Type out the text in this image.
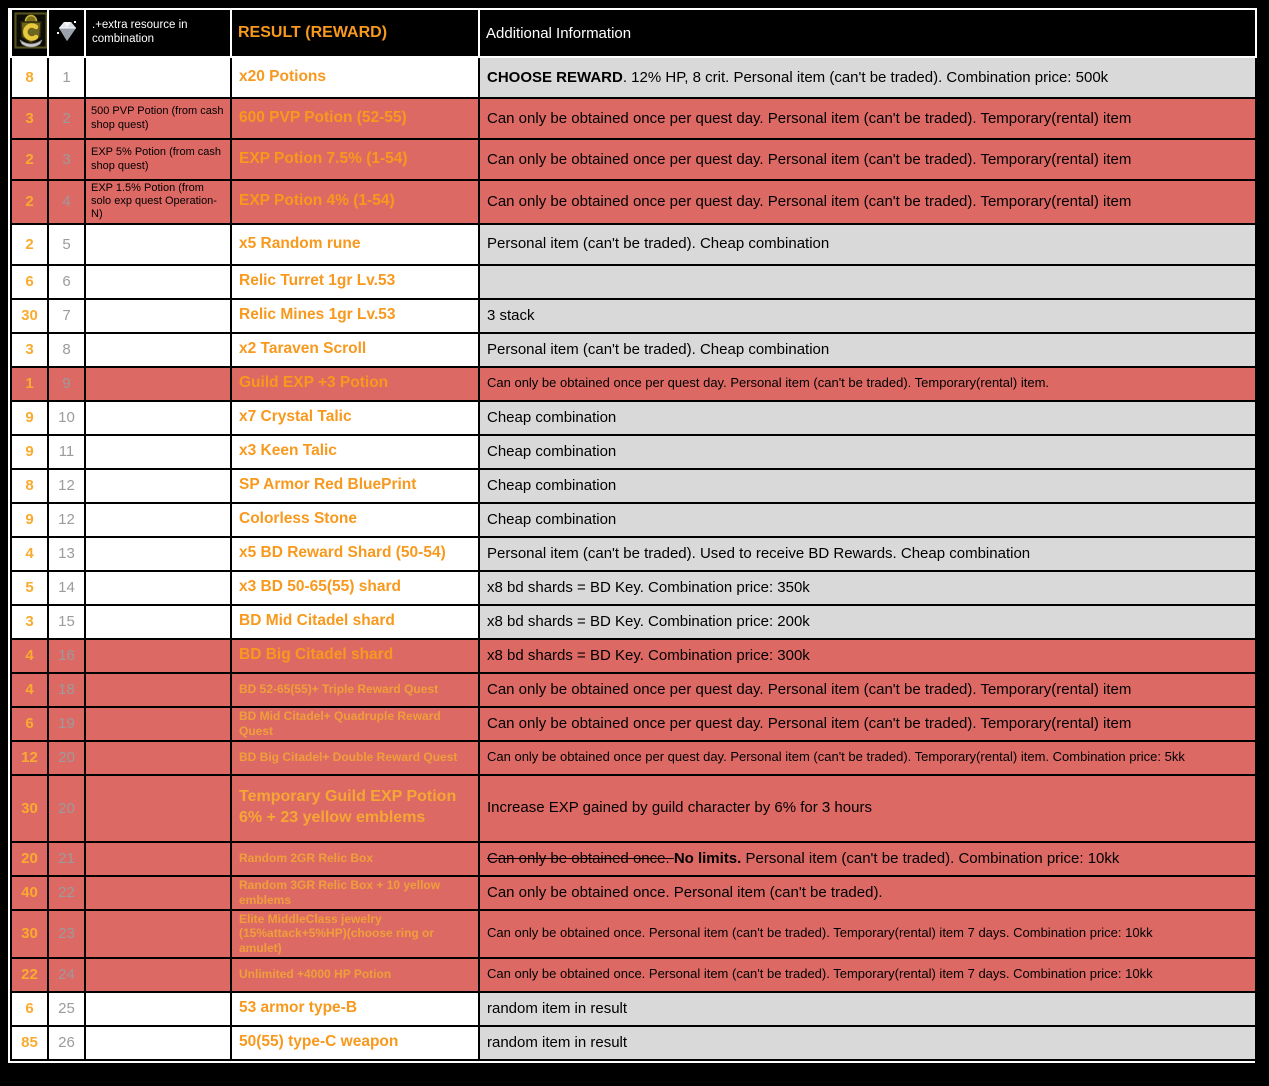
		.+extra resource in combination	RESULT (REWARD)	Additional Information
8	1		x20 Potions	CHOOSE REWARD. 12% HP, 8 crit. Personal item (can't be traded). Combination price: 500k
3	2	500 PVP Potion (from cash shop quest)	600 PVP Potion (52-55)	Can only be obtained once per quest day. Personal item (can't be traded). Temporary(rental) item
2	3	EXP 5% Potion (from cash shop quest)	EXP Potion 7.5% (1-54)	Can only be obtained once per quest day. Personal item (can't be traded). Temporary(rental) item
2	4	EXP 1.5% Potion (from solo exp quest Operation-N)	EXP Potion 4% (1-54)	Can only be obtained once per quest day. Personal item (can't be traded). Temporary(rental) item
2	5		x5 Random rune	Personal item (can't be traded). Cheap combination
6	6		Relic Turret 1gr Lv.53	
30	7		Relic Mines 1gr Lv.53	3 stack
3	8		x2 Taraven Scroll	Personal item (can't be traded). Cheap combination
1	9		Guild EXP +3 Potion	Can only be obtained once per quest day. Personal item (can't be traded). Temporary(rental) item.
9	10		x7 Crystal Talic	Cheap combination
9	11		x3 Keen Talic	Cheap combination
8	12		SP Armor Red BluePrint	Cheap combination
9	12		Colorless Stone	Cheap combination
4	13		x5 BD Reward Shard (50-54)	Personal item (can't be traded). Used to receive BD Rewards. Cheap combination
5	14		x3 BD 50-65(55) shard	x8 bd shards = BD Key. Combination price: 350k
3	15		BD Mid Citadel shard	x8 bd shards = BD Key. Combination price: 200k
4	16		BD Big Citadel shard	x8 bd shards = BD Key. Combination price: 300k
4	18		BD 52-65(55)+ Triple Reward Quest	Can only be obtained once per quest day. Personal item (can't be traded). Temporary(rental) item
6	19		BD Mid Citadel+ Quadruple Reward Quest	Can only be obtained once per quest day. Personal item (can't be traded). Temporary(rental) item
12	20		BD Big Citadel+ Double Reward Quest	Can only be obtained once per quest day. Personal item (can't be traded). Temporary(rental) item. Combination price: 5kk
30	20		Temporary Guild EXP Potion 6% + 23 yellow emblems	Increase EXP gained by guild character by 6% for 3 hours
20	21		Random 2GR Relic Box	Can only be obtained once. No limits. Personal item (can't be traded). Combination price: 10kk
40	22		Random 3GR Relic Box + 10 yellow emblems	Can only be obtained once. Personal item (can't be traded).
30	23		Elite MiddleClass jewelry (15%attack+5%HP)(choose ring or amulet)	Can only be obtained once. Personal item (can't be traded). Temporary(rental) item 7 days. Combination price: 10kk
22	24		Unlimited +4000 HP Potion	Can only be obtained once. Personal item (can't be traded). Temporary(rental) item 7 days. Combination price: 10kk
6	25		53 armor type-B	random item in result
85	26		50(55) type-C weapon	random item in result
